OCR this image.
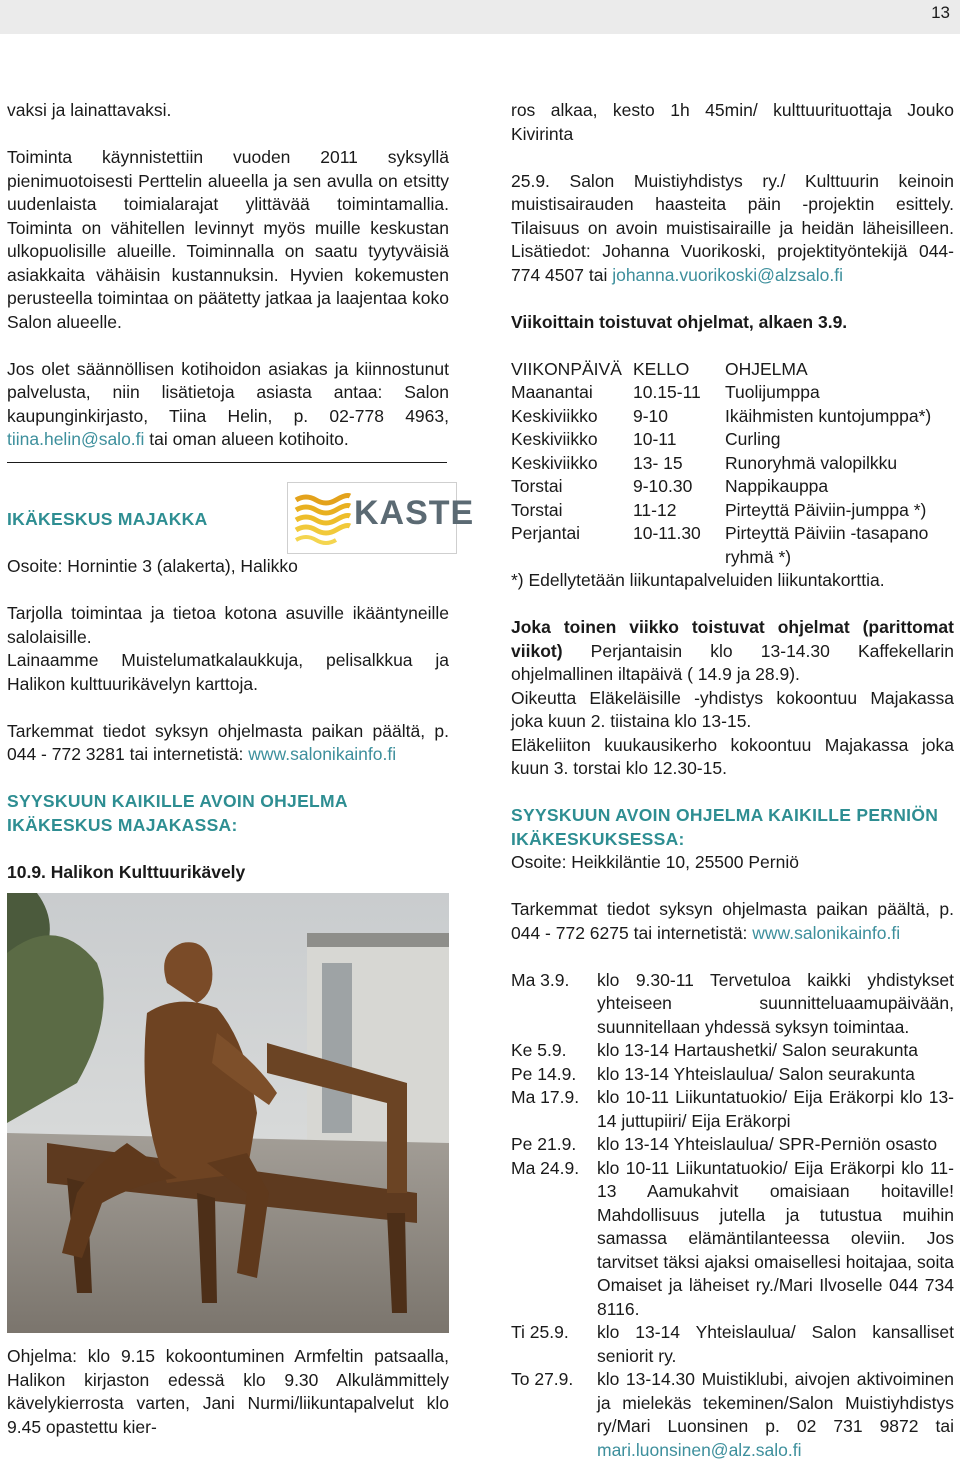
13

vaksi ja lainattavaksi.

Toiminta käynnistettiin vuoden 2011 syksyllä pienimuotoisesti Perttelin alueella ja sen avulla on etsitty uudenlaista toimialarajat ylittävää toimintamallia. Toiminta on vähitellen levinnyt myös muille keskustan ulkopuolisille alueille. Toiminnalla on saatu tyytyväisiä asiakkaita vähäisin kustannuksin. Hyvien kokemusten perusteella toimintaa on päätetty jatkaa ja laajentaa koko Salon alueelle.

Jos olet säännöllisen kotihoidon asiakas ja kiinnostunut palvelusta, niin lisätietoja asiasta antaa: Salon kaupunginkirjasto, Tiina Helin, p. 02-778 4963, tiina.helin@salo.fi tai oman alueen kotihoito.

KASTE

IKÄKESKUS MAJAKKA

Osoite: Hornintie 3 (alakerta), Halikko

Tarjolla toimintaa ja tietoa kotona asuville ikääntyneille salolaisille.

Lainaamme Muistelumatkalaukkuja, pelisalkkua ja Halikon kulttuurikävelyn karttoja.

Tarkemmat tiedot syksyn ohjelmasta paikan päältä, p. 044 - 772 3281 tai internetistä: www.salonikainfo.fi

SYYSKUUN KAIKILLE AVOIN OHJELMA IKÄKESKUS MAJAKASSA:

10.9. Halikon Kulttuurikävely

Ohjelma: klo 9.15 kokoontuminen Armfeltin patsaalla, Halikon kirjaston edessä klo 9.30 Alkulämmittely kävelykierrosta varten, Jani Nurmi/liikuntapalvelut klo 9.45 opastettu kier-

ros alkaa, kesto 1h 45min/ kulttuurituottaja Jouko Kivirinta

25.9. Salon Muistiyhdistys ry./ Kulttuurin keinoin muistisairauden haasteita päin -projektin esittely. Tilaisuus on avoin muistisairaille ja heidän läheisilleen. Lisätiedot: Johanna Vuorikoski, projektityöntekijä 044-774 4507 tai johanna.vuorikoski@alzsalo.fi

Viikoittain toistuvat ohjelmat, alkaen 3.9.

VIIKONPÄIVÄ KELLO	OHJELMA
Maanantai	10.15-11	Tuolijumppa
Keskiviikko	9-10	Ikäihmisten kuntojumppa*)
Keskiviikko	10-11	Curling
Keskiviikko	13- 15	Runoryhmä valopilkku
Torstai	9-10.30	Nappikauppa
Torstai	11-12	Pirteyttä Päiviin-jumppa *)
Perjantai	10-11.30	Pirteyttä Päiviin -tasapano ryhmä *)

*) Edellytetään liikuntapalveluiden liikuntakorttia.

Joka toinen viikko toistuvat ohjelmat (parittomat viikot) Perjantaisin klo 13-14.30 Kaffekellarin ohjelmallinen iltapäivä ( 14.9 ja 28.9).

Oikeutta Eläkeläisille -yhdistys kokoontuu Majakassa joka kuun 2. tiistaina klo 13-15.

Eläkeliiton kuukausikerho kokoontuu Majakassa joka kuun 3. torstai klo 12.30-15.

SYYSKUUN AVOIN OHJELMA KAIKILLE PERNIÖN IKÄKESKUKSESSA:

Osoite: Heikkiläntie 10, 25500 Perniö

Tarkemmat tiedot syksyn ohjelmasta paikan päältä, p. 044 - 772 6275 tai internetistä: www.salonikainfo.fi

Ma 3.9.	klo 9.30-11 Tervetuloa kaikki yhdistykset yhteiseen suunnitteluaamupäivään, suunnitellaan yhdessä syksyn toimintaa.
Ke 5.9.	klo 13-14 Hartaushetki/ Salon seurakunta
Pe 14.9.	klo 13-14 Yhteislaulua/ Salon seurakunta
Ma 17.9.	klo 10-11 Liikuntatuokio/ Eija Eräkorpi klo 13-14 juttupiiri/ Eija Eräkorpi
Pe 21.9.	klo 13-14 Yhteislaulua/ SPR-Perniön osasto
Ma 24.9.	klo 10-11 Liikuntatuokio/ Eija Eräkorpi klo 11-13 Aamukahvit omaisiaan hoitaville! Mahdollisuus jutella ja tutustua muihin samassa elämäntilanteessa oleviin. Jos tarvitset täksi ajaksi omaisellesi hoitajaa, soita Omaiset ja läheiset ry./Mari Ilvoselle 044 734 8116.
Ti 25.9.	klo 13-14 Yhteislaulua/ Salon kansalliset seniorit ry.
To 27.9.	klo 13-14.30 Muistiklubi, aivojen aktivoiminen ja mielekäs tekeminen/Salon Muistiyhdistys ry/Mari Luonsinen p. 02 731 9872 tai mari.luonsinen@alz.salo.fi
